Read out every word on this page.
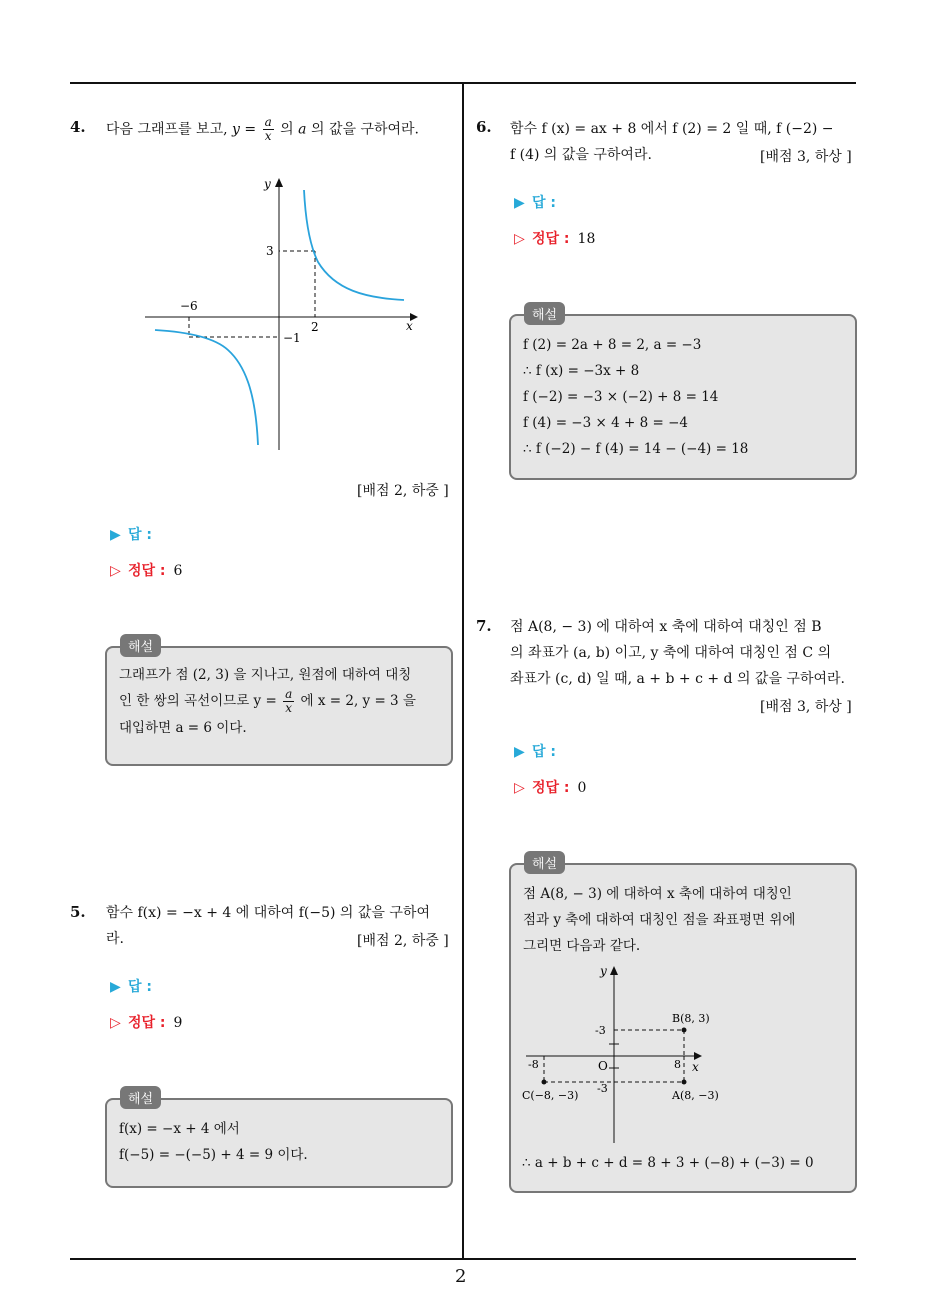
2
4. 다음 그래프를 보고, $y = \frac{a}{x}$ 의 a 의 값을 구하여라.
x
y
−6
2
3
−1
[배점 2, 하중 ]
▶ 답 :
▷ 정답 : 6
그래프가 점 (2, 3) 을 지나고, 원점에 대하여 대칭
인 한 쌍의 곡선이므로 $y = \frac{a}{x}$ 에 x = 2, y = 3 을
대입하면 a = 6 이다.
해설
5. 함수 f(x) = −x + 4 에 대하여 f(−5) 의 값을 구하여
라.	[배점 2, 하중 ]
▶ 답 :
▷ 정답 : 9
f(x) = −x + 4 에서
f(−5) = −(−5) + 4 = 9 이다.
해설
6. 함수 f (x) = ax + 8 에서 f (2) = 2 일 때, f (−2) −
f (4) 의 값을 구하여라.	[배점 3, 하상 ]
▶ 답 :
▷ 정답 : 18
f (2) = 2a + 8 = 2, a = −3
∴ f (x) = −3x + 8
f (−2) = −3 × (−2) + 8 = 14
f (4) = −3 × 4 + 8 = −4
∴ f (−2) − f (4) = 14 − (−4) = 18
해설
7. 점 A(8, − 3) 에 대하여 x 축에 대하여 대칭인 점 B
의 좌표가 (a, b) 이고, y 축에 대하여 대칭인 점 C 의
좌표가 (c, d) 일 때, a + b + c + d 의 값을 구하여라.
[배점 3, 하상 ]
▶ 답 :
▷ 정답 : 0
점 A(8, − 3) 에 대하여 x 축에 대하여 대칭인
점과 y 축에 대하여 대칭인 점을 좌표평면 위에
그리면 다음과 같다.
해설
y
x
O
-3
-3
-8	8
B(8, 3)
C(−8, −3)	A(8, −3)
∴ a + b + c + d = 8 + 3 + (−8) + (−3) = 0
